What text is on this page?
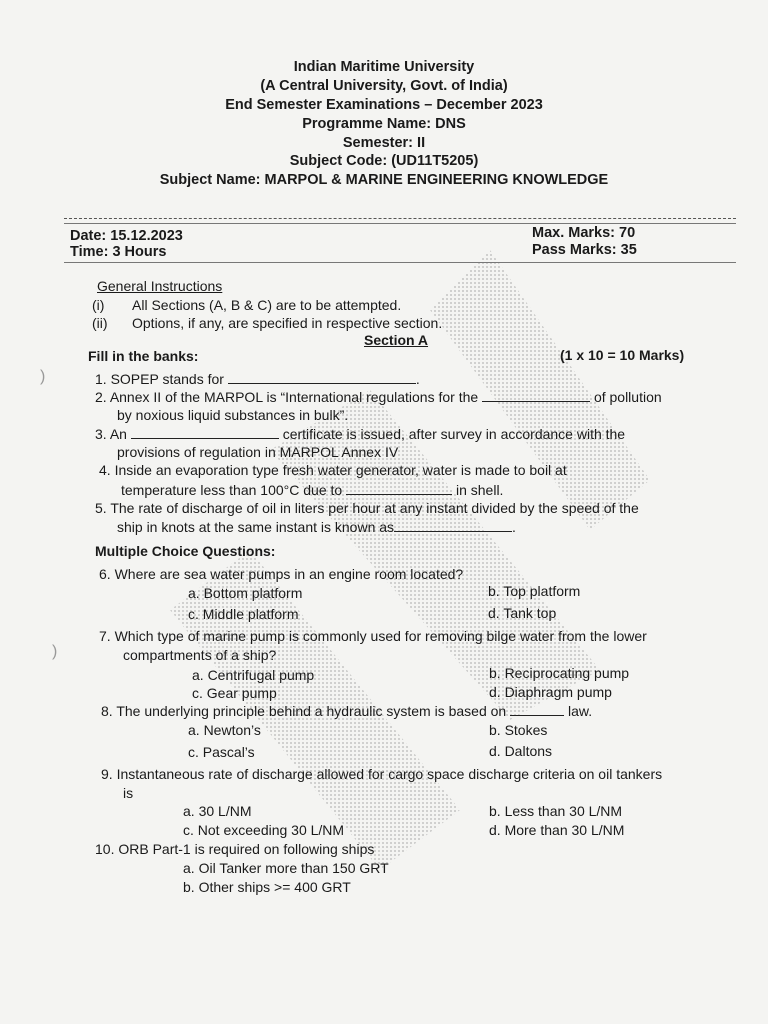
Indian Maritime University
(A Central University, Govt. of India)
End Semester Examinations – December 2023
Programme Name: DNS
Semester: II
Subject Code: (UD11T5205)
Subject Name: MARPOL & MARINE ENGINEERING KNOWLEDGE
Date: 15.12.2023
Time: 3 Hours
Max. Marks: 70
Pass Marks: 35
General Instructions
(i) All Sections (A, B & C) are to be attempted.
(ii) Options, if any, are specified in respective section.
Section A
Fill in the banks:	(1 x 10 = 10 Marks)
)	1. SOPEP stands for	.
2. Annex II of the MARPOL is “International regulations for the	of pollution
by noxious liquid substances in bulk”.
3. An	certificate is issued, after survey in accordance with the
provisions of regulation in MARPOL Annex IV
4. Inside an evaporation type fresh water generator, water is made to boil at
temperature less than 100°C due to	in shell.
5. The rate of discharge of oil in liters per hour at any instant divided by the speed of the
ship in knots at the same instant is known as	.
Multiple Choice Questions:
6. Where are sea water pumps in an engine room located?
a. Bottom platform	b. Top platform
c. Middle platform	d. Tank top
)
7. Which type of marine pump is commonly used for removing bilge water from the lower
compartments of a ship?
a. Centrifugal pump	b. Reciprocating pump
c. Gear pump	d. Diaphragm pump
8. The underlying principle behind a hydraulic system is based on	law.
a. Newton’s	b. Stokes
c. Pascal’s	d. Daltons
9. Instantaneous rate of discharge allowed for cargo space discharge criteria on oil tankers
is
a. 30 L/NM	b. Less than 30 L/NM
c. Not exceeding 30 L/NM	d. More than 30 L/NM
10. ORB Part-1 is required on following ships
a. Oil Tanker more than 150 GRT
b. Other ships >= 400 GRT
